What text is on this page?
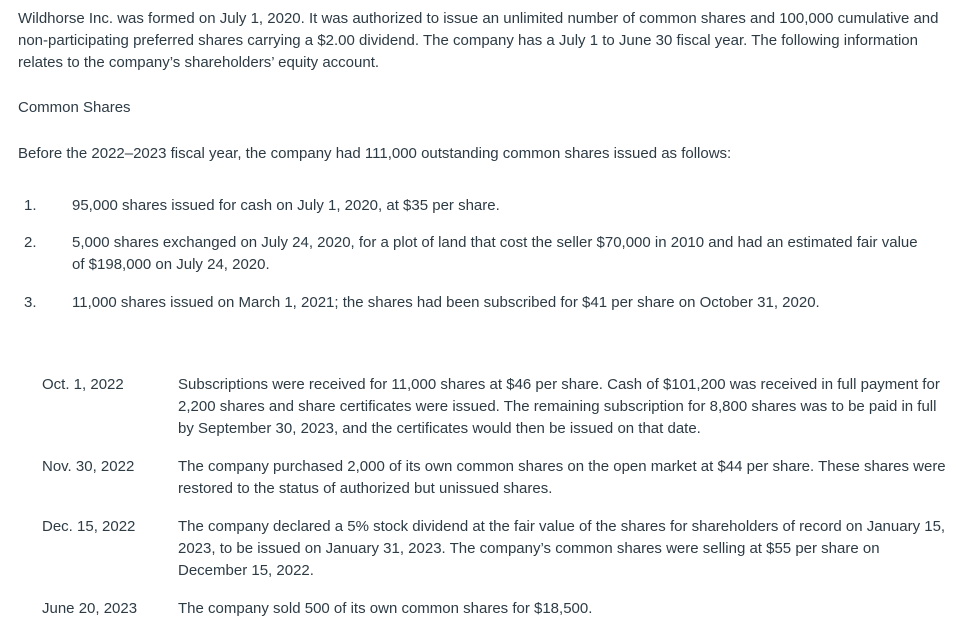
Wildhorse Inc. was formed on July 1, 2020. It was authorized to issue an unlimited number of common shares and 100,000 cumulative and non-participating preferred shares carrying a $2.00 dividend. The company has a July 1 to June 30 fiscal year. The following information relates to the company’s shareholders’ equity account.

Common Shares

Before the 2022–2023 fiscal year, the company had 111,000 outstanding common shares issued as follows:

1.	95,000 shares issued for cash on July 1, 2020, at $35 per share.
2.	5,000 shares exchanged on July 24, 2020, for a plot of land that cost the seller $70,000 in 2010 and had an estimated fair value of $198,000 on July 24, 2020.
3.	11,000 shares issued on March 1, 2021; the shares had been subscribed for $41 per share on October 31, 2020.
Oct. 1, 2022	Subscriptions were received for 11,000 shares at $46 per share. Cash of $101,200 was received in full payment for 2,200 shares and share certificates were issued. The remaining subscription for 8,800 shares was to be paid in full by September 30, 2023, and the certificates would then be issued on that date.
Nov. 30, 2022	The company purchased 2,000 of its own common shares on the open market at $44 per share. These shares were restored to the status of authorized but unissued shares.
Dec. 15, 2022	The company declared a 5% stock dividend at the fair value of the shares for shareholders of record on January 15, 2023, to be issued on January 31, 2023. The company’s common shares were selling at $55 per share on December 15, 2022.
June 20, 2023	The company sold 500 of its own common shares for $18,500.
